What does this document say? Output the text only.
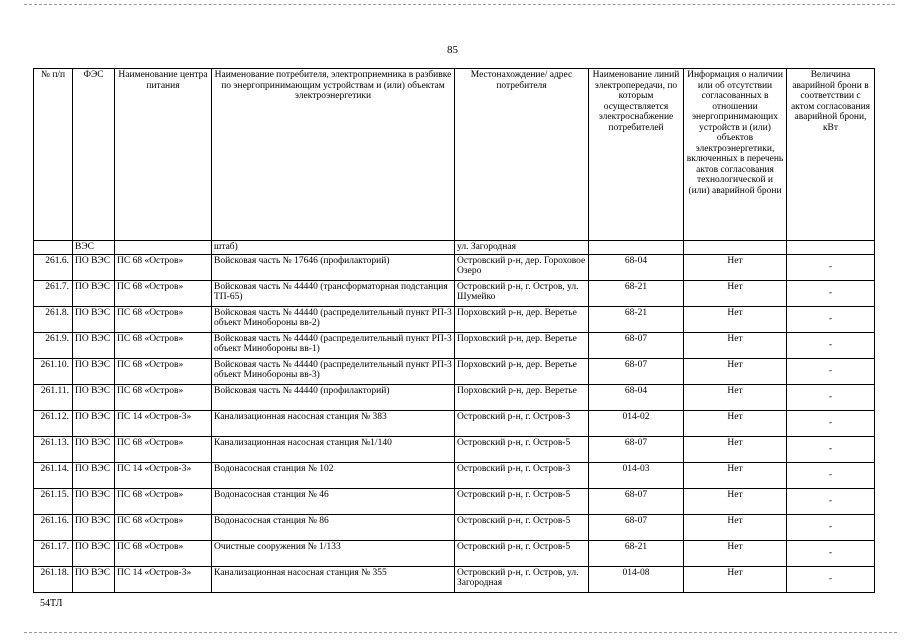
85
№ п/п	ФЭС	Наименование центра питания	Наименование потребителя, электроприемника в разбивке по энергопринимающим устройствам и (или) объектам электроэнергетики	Местонахождение/ адрес потребителя	Наименование линий электропередачи, по которым осуществляется электроснабжение потребителей	Информация о наличии или об отсутствии согласованных в отношении энергопринимающих устройств и (или) объектов электроэнергетики, включенных в перечень актов согласования технологической и (или) аварийной брони	Величина аварийной брони в соответствии с актом согласования аварийной брони, кВт
	ВЭС		штаб)	ул. Загородная			
261.6.	ПО ВЭС	ПС 68 «Остров»	Войсковая часть № 17646 (профилакторий)	Островский р-н, дер. Гороховое Озеро	68-04	Нет	-
261.7.	ПО ВЭС	ПС 68 «Остров»	Войсковая часть № 44440 (трансформаторная подстанция ТП-65)	Островский р-н, г. Остров, ул. Шумейко	68-21	Нет	-
261.8.	ПО ВЭС	ПС 68 «Остров»	Войсковая часть № 44440 (распределительный пункт РП-3 объект Минобороны вв-2)	Порховский р-н, дер. Веретье	68-21	Нет	-
261.9.	ПО ВЭС	ПС 68 «Остров»	Войсковая часть № 44440 (распределительный пункт РП-3 объект Минобороны вв-1)	Порховский р-н, дер. Веретье	68-07	Нет	-
261.10.	ПО ВЭС	ПС 68 «Остров»	Войсковая часть № 44440 (распределительный пункт РП-3 объект Минобороны вв-3)	Порховский р-н, дер. Веретье	68-07	Нет	-
261.11.	ПО ВЭС	ПС 68 «Остров»	Войсковая часть № 44440 (профилакторий)	Порховский р-н, дер. Веретье	68-04	Нет	-
261.12.	ПО ВЭС	ПС 14 «Остров-3»	Канализационная насосная станция № 383	Островский р-н, г. Остров-3	014-02	Нет	-
261.13.	ПО ВЭС	ПС 68 «Остров»	Канализационная насосная станция №1/140	Островский р-н, г. Остров-5	68-07	Нет	-
261.14.	ПО ВЭС	ПС 14 «Остров-3»	Водонасосная станция № 102	Островский р-н, г. Остров-3	014-03	Нет	-
261.15.	ПО ВЭС	ПС 68 «Остров»	Водонасосная станция № 46	Островский р-н, г. Остров-5	68-07	Нет	-
261.16.	ПО ВЭС	ПС 68 «Остров»	Водонасосная станция № 86	Островский р-н, г. Остров-5	68-07	Нет	-
261.17.	ПО ВЭС	ПС 68 «Остров»	Очистные сооружения № 1/133	Островский р-н, г. Остров-5	68-21	Нет	-
261.18.	ПО ВЭС	ПС 14 «Остров-3»	Канализационная насосная станция № 355	Островский р-н, г. Остров, ул. Загородная	014-08	Нет	-
54ТЛ
